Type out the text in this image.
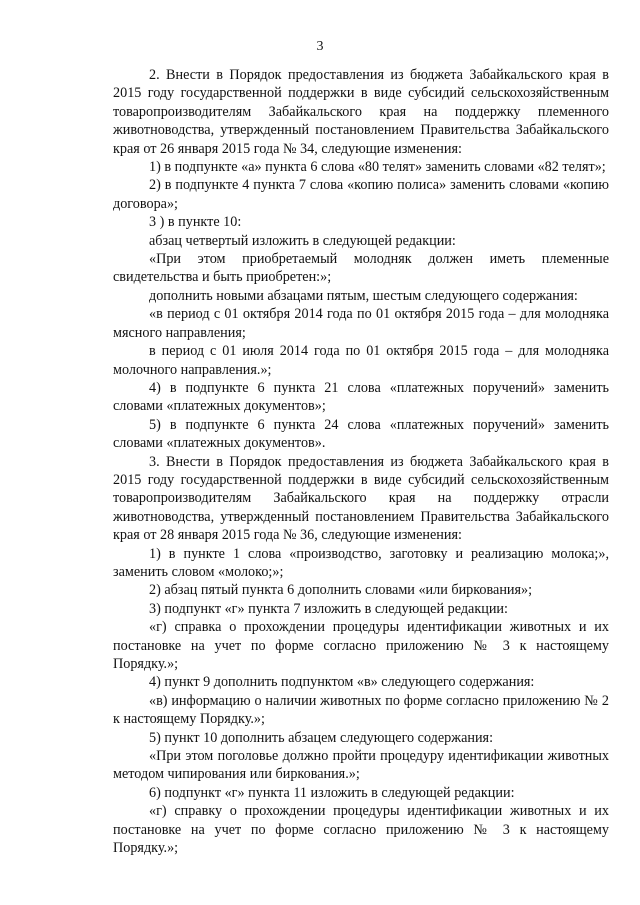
3

2. Внести в Порядок предоставления из бюджета Забайкальского края в 2015 году государственной поддержки в виде субсидий сельскохозяйственным товаропроизводителям Забайкальского края на поддержку племенного животноводства, утвержденный постановлением Правительства Забайкальского края от 26 января 2015 года № 34, следующие изменения:

1) в подпункте «а» пункта 6 слова «80 телят» заменить словами «82 телят»;

2) в подпункте 4 пункта 7 слова «копию полиса» заменить словами «копию договора»;

3 ) в пункте 10:

абзац четвертый изложить в следующей редакции:

«При этом приобретаемый молодняк должен иметь племенные свидетельства и быть приобретен:»;

дополнить новыми абзацами пятым, шестым следующего содержания:

«в период с 01 октября 2014 года по 01 октября 2015 года – для молодняка мясного направления;

в период с 01 июля 2014 года по 01 октября 2015 года – для молодняка молочного направления.»;

4) в подпункте 6 пункта 21 слова «платежных поручений» заменить словами «платежных документов»;

5) в подпункте 6 пункта 24 слова «платежных поручений» заменить словами «платежных документов».

3. Внести в Порядок предоставления из бюджета Забайкальского края в 2015 году государственной поддержки в виде субсидий сельскохозяйственным товаропроизводителям Забайкальского края на поддержку отрасли животноводства, утвержденный постановлением Правительства Забайкальского края от 28 января 2015 года № 36, следующие изменения:

1) в пункте 1 слова «производство, заготовку и реализацию молока;», заменить словом «молоко;»;

2) абзац пятый пункта 6 дополнить словами «или биркования»;

3) подпункт «г» пункта 7 изложить в следующей редакции:

«г) справка о прохождении процедуры идентификации животных и их постановке на учет по форме согласно приложению № 3 к настоящему Порядку.»;

4) пункт 9 дополнить подпунктом «в» следующего содержания:

«в) информацию о наличии животных по форме согласно приложению № 2 к настоящему Порядку.»;

5) пункт 10 дополнить абзацем следующего содержания:

«При этом поголовье должно пройти процедуру идентификации животных методом чипирования или биркования.»;

6) подпункт «г» пункта 11 изложить в следующей редакции:

«г) справку о прохождении процедуры идентификации животных и их постановке на учет по форме согласно приложению № 3 к настоящему Порядку.»;
